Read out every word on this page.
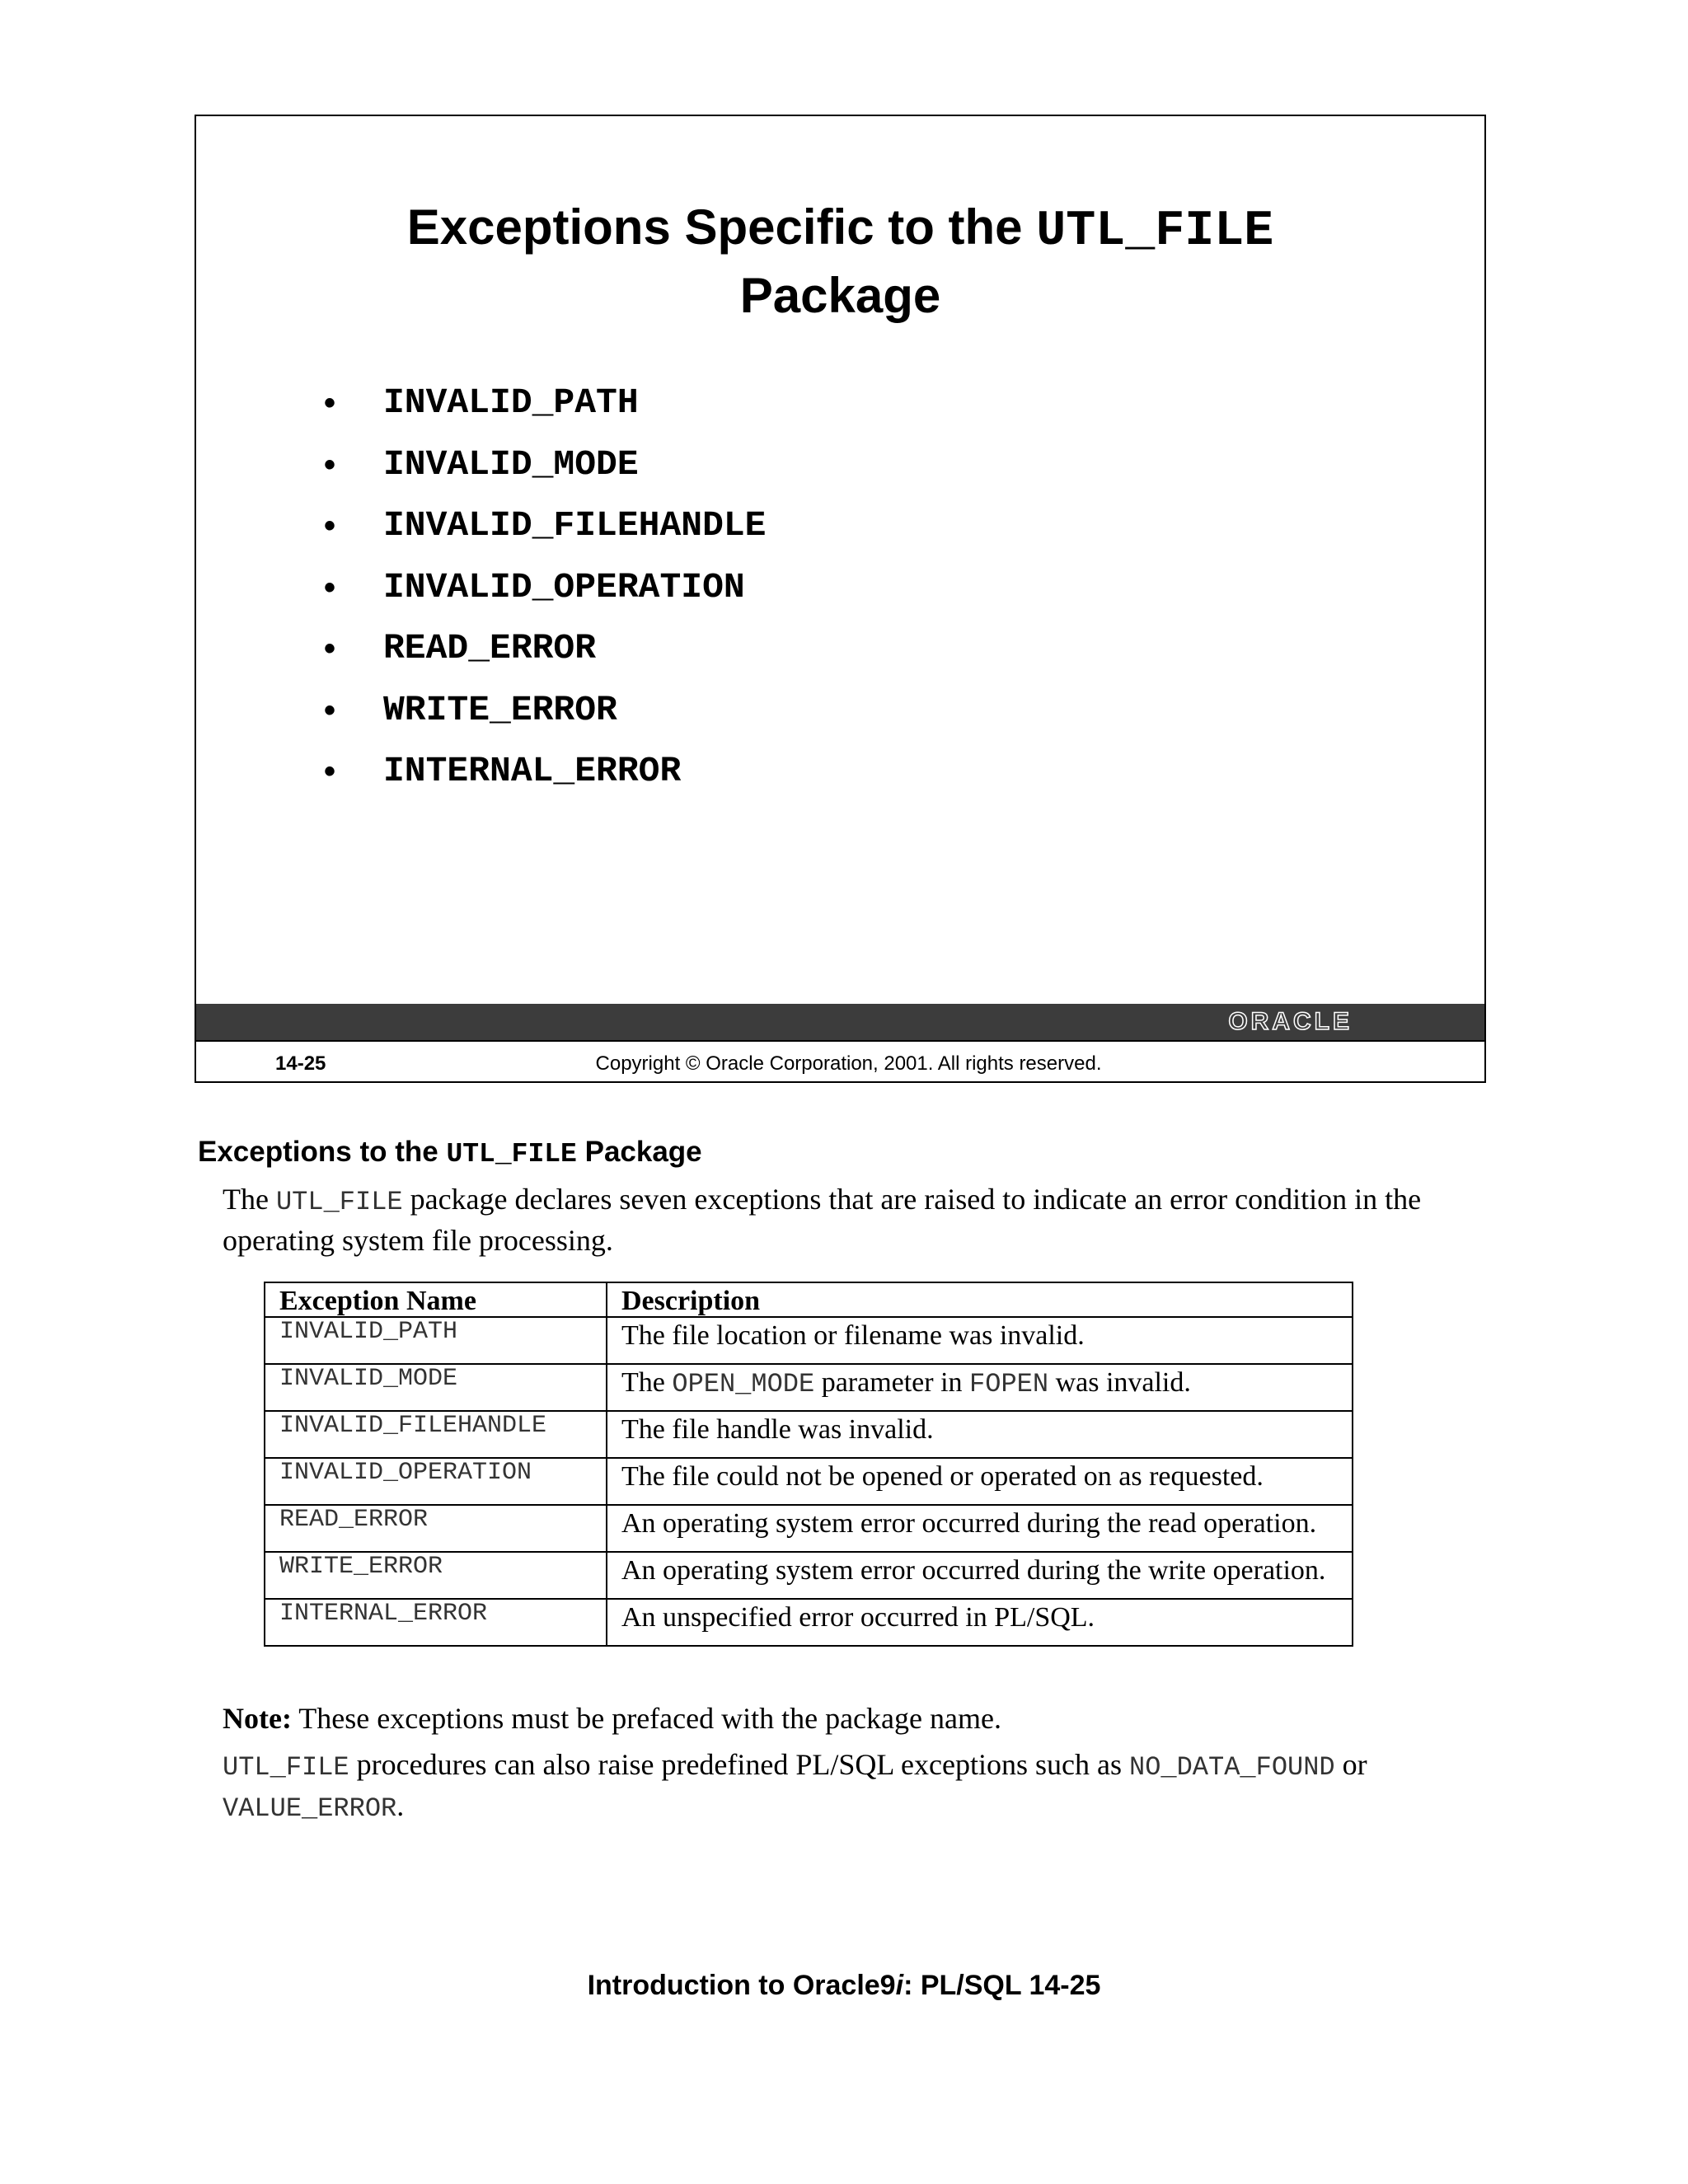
Exceptions Specific to the UTL_FILE
Package
• INVALID_PATH
• INVALID_MODE
• INVALID_FILEHANDLE
• INVALID_OPERATION
• READ_ERROR
• WRITE_ERROR
• INTERNAL_ERROR
ORACLE
14-25	Copyright © Oracle Corporation, 2001. All rights reserved.
Exceptions to the UTL_FILE Package

The UTL_FILE package declares seven exceptions that are raised to indicate an error condition in the operating system file processing.

Exception Name	Description
INVALID_PATH	The file location or filename was invalid.
INVALID_MODE	The OPEN_MODE parameter in FOPEN was invalid.
INVALID_FILEHANDLE	The file handle was invalid.
INVALID_OPERATION	The file could not be opened or operated on as requested.
READ_ERROR	An operating system error occurred during the read operation.
WRITE_ERROR	An operating system error occurred during the write operation.
INTERNAL_ERROR	An unspecified error occurred in PL/SQL.

Note: These exceptions must be prefaced with the package name.

UTL_FILE procedures can also raise predefined PL/SQL exceptions such as NO_DATA_FOUND or VALUE_ERROR.

Introduction to Oracle9i: PL/SQL 14-25
